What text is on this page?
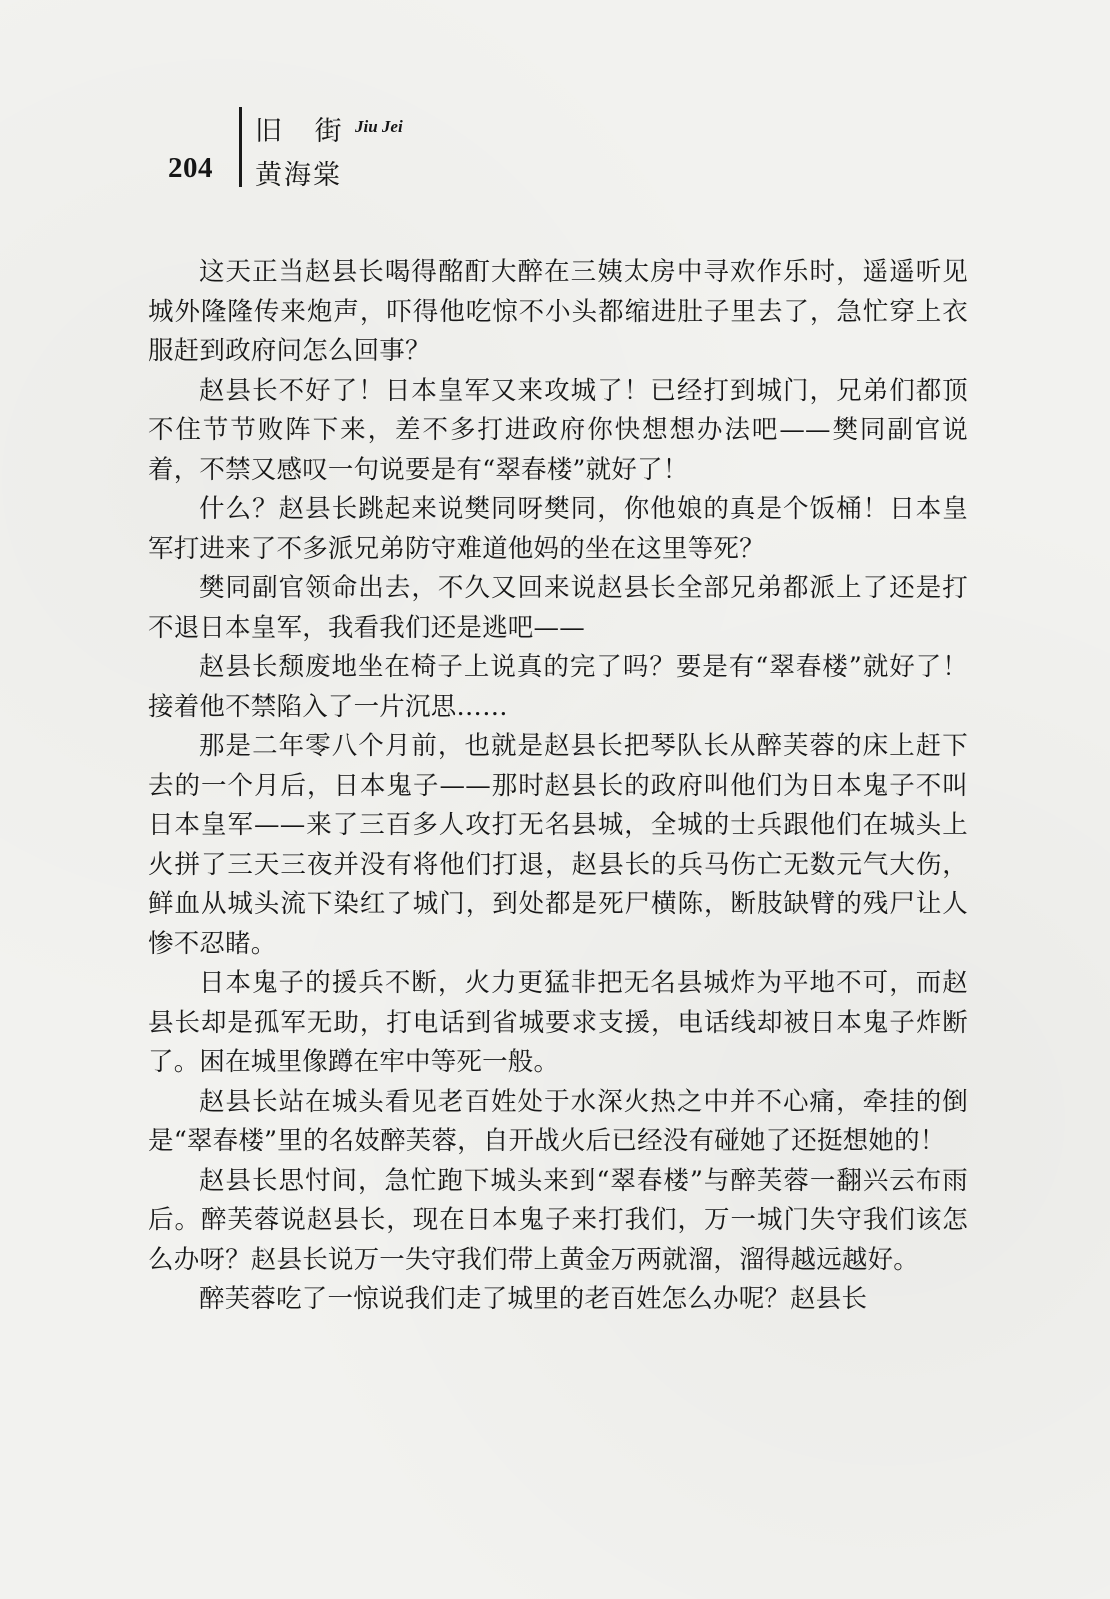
204
旧 街 Jiu Jei
黄海棠

这天正当赵县长喝得酩酊大醉在三姨太房中寻欢作乐时，遥遥听见城外隆隆传来炮声，吓得他吃惊不小头都缩进肚子里去了，急忙穿上衣服赶到政府问怎么回事？

赵县长不好了！日本皇军又来攻城了！已经打到城门，兄弟们都顶不住节节败阵下来，差不多打进政府你快想想办法吧——樊同副官说着，不禁又感叹一句说要是有“翠春楼”就好了！

什么？赵县长跳起来说樊同呀樊同，你他娘的真是个饭桶！日本皇军打进来了不多派兄弟防守难道他妈的坐在这里等死？

樊同副官领命出去，不久又回来说赵县长全部兄弟都派上了还是打不退日本皇军，我看我们还是逃吧——

赵县长颓废地坐在椅子上说真的完了吗？要是有“翠春楼”就好了！接着他不禁陷入了一片沉思……

那是二年零八个月前，也就是赵县长把琴队长从醉芙蓉的床上赶下去的一个月后，日本鬼子——那时赵县长的政府叫他们为日本鬼子不叫日本皇军——来了三百多人攻打无名县城，全城的士兵跟他们在城头上火拼了三天三夜并没有将他们打退，赵县长的兵马伤亡无数元气大伤，鲜血从城头流下染红了城门，到处都是死尸横陈，断肢缺臂的残尸让人惨不忍睹。

日本鬼子的援兵不断，火力更猛非把无名县城炸为平地不可，而赵县长却是孤军无助，打电话到省城要求支援，电话线却被日本鬼子炸断了。困在城里像蹲在牢中等死一般。

赵县长站在城头看见老百姓处于水深火热之中并不心痛，牵挂的倒是“翠春楼”里的名妓醉芙蓉，自开战火后已经没有碰她了还挺想她的！

赵县长思忖间，急忙跑下城头来到“翠春楼”与醉芙蓉一翻兴云布雨后。醉芙蓉说赵县长，现在日本鬼子来打我们，万一城门失守我们该怎么办呀？赵县长说万一失守我们带上黄金万两就溜，溜得越远越好。

醉芙蓉吃了一惊说我们走了城里的老百姓怎么办呢？赵县长
